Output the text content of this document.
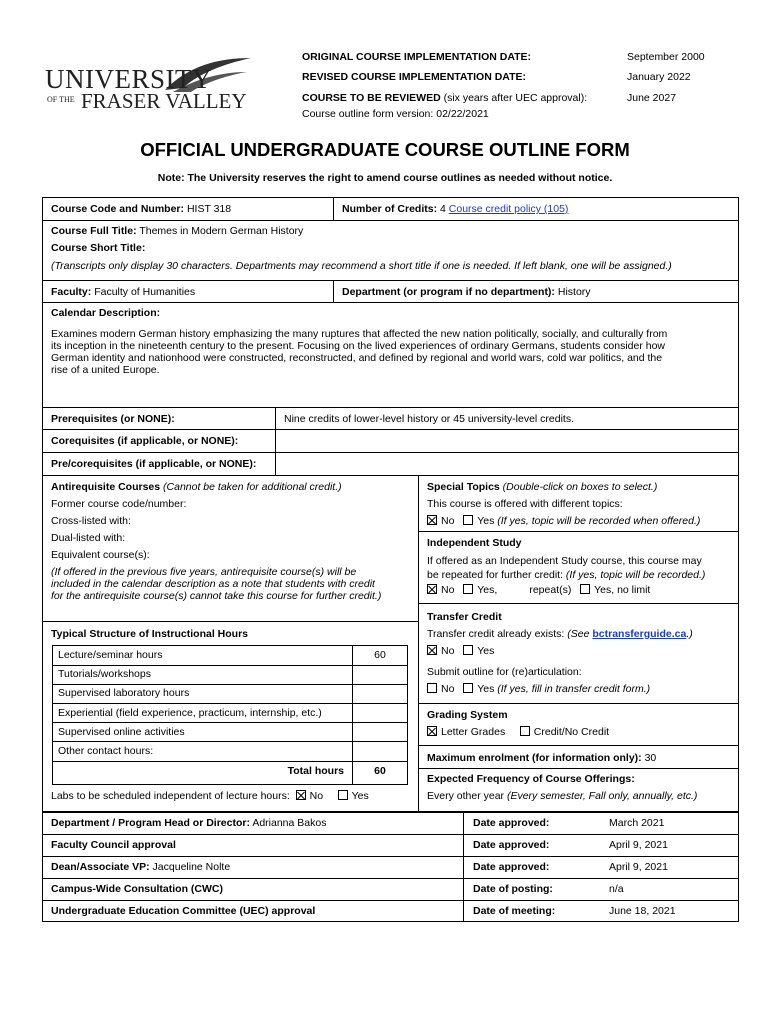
UNIVERSITY
OF THE FRASER VALLEY
ORIGINAL COURSE IMPLEMENTATION DATE:	September 2000
REVISED COURSE IMPLEMENTATION DATE:	January 2022
COURSE TO BE REVIEWED (six years after UEC approval):	June 2027
Course outline form version: 02/22/2021
OFFICIAL UNDERGRADUATE COURSE OUTLINE FORM
Note: The University reserves the right to amend course outlines as needed without notice.
Course Code and Number: HIST 318	Number of Credits: 4 Course credit policy (105)
Course Full Title: Themes in Modern German History
Course Short Title:
(Transcripts only display 30 characters. Departments may recommend a short title if one is needed. If left blank, one will be assigned.)
Faculty: Faculty of Humanities	Department (or program if no department): History
Calendar Description:
Examines modern German history emphasizing the many ruptures that affected the new nation politically, socially, and culturally from
its inception in the nineteenth century to the present. Focusing on the lived experiences of ordinary Germans, students consider how
German identity and nationhood were constructed, reconstructed, and defined by regional and world wars, cold war politics, and the
rise of a united Europe.
Prerequisites (or NONE):	Nine credits of lower-level history or 45 university-level credits.
Corequisites (if applicable, or NONE):
Pre/corequisites (if applicable, or NONE):
Antirequisite Courses (Cannot be taken for additional credit.)
Former course code/number:
Cross-listed with:
Dual-listed with:
Equivalent course(s):
(If offered in the previous five years, antirequisite course(s) will be
included in the calendar description as a note that students with credit
for the antirequisite course(s) cannot take this course for further credit.)
Typical Structure of Instructional Hours
Lecture/seminar hours	60
Tutorials/workshops
Supervised laboratory hours
Experiential (field experience, practicum, internship, etc.)
Supervised online activities
Other contact hours:
Total hours	60
Labs to be scheduled independent of lecture hours: No	Yes
Special Topics (Double-click on boxes to select.)
This course is offered with different topics:
No Yes (If yes, topic will be recorded when offered.)
Independent Study
If offered as an Independent Study course, this course may
be repeated for further credit: (If yes, topic will be recorded.)
No Yes,	repeat(s) Yes, no limit
Transfer Credit
Transfer credit already exists: (See bctransferguide.ca.)
No Yes
Submit outline for (re)articulation:
No Yes (If yes, fill in transfer credit form.)
Grading System
Letter Grades	Credit/No Credit
Maximum enrolment (for information only): 30
Expected Frequency of Course Offerings:
Every other year (Every semester, Fall only, annually, etc.)
Department / Program Head or Director: Adrianna Bakos	Date approved:	March 2021
Faculty Council approval	Date approved:	April 9, 2021
Dean/Associate VP: Jacqueline Nolte	Date approved:	April 9, 2021
Campus-Wide Consultation (CWC)	Date of posting:	n/a
Undergraduate Education Committee (UEC) approval	Date of meeting:	June 18, 2021
